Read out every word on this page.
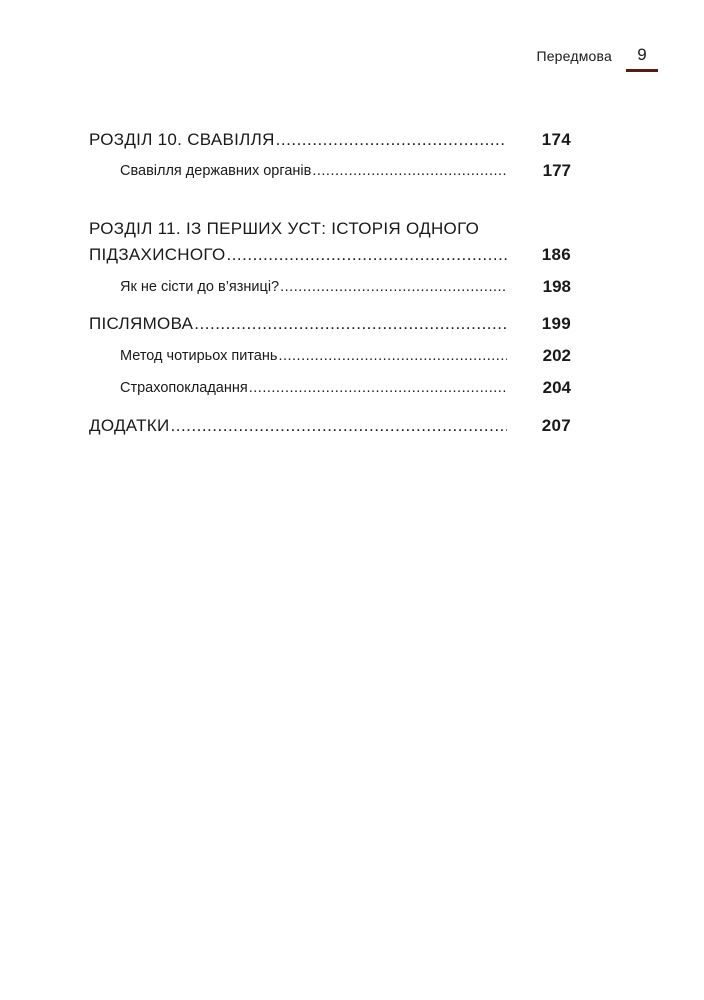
Передмова 9
РОЗДІЛ 10. СВАВІЛЛЯ .....	174
Свавілля державних органів .....	177
РОЗДІЛ 11. ІЗ ПЕРШИХ УСТ: ІСТОРІЯ ОДНОГО
ПІДЗАХИСНОГО .....	186
Як не сісти до в’язниці? .....	198
ПІСЛЯМОВА .....	199
Метод чотирьох питань .....	202
Страхопокладання .....	204
ДОДАТКИ .....	207
